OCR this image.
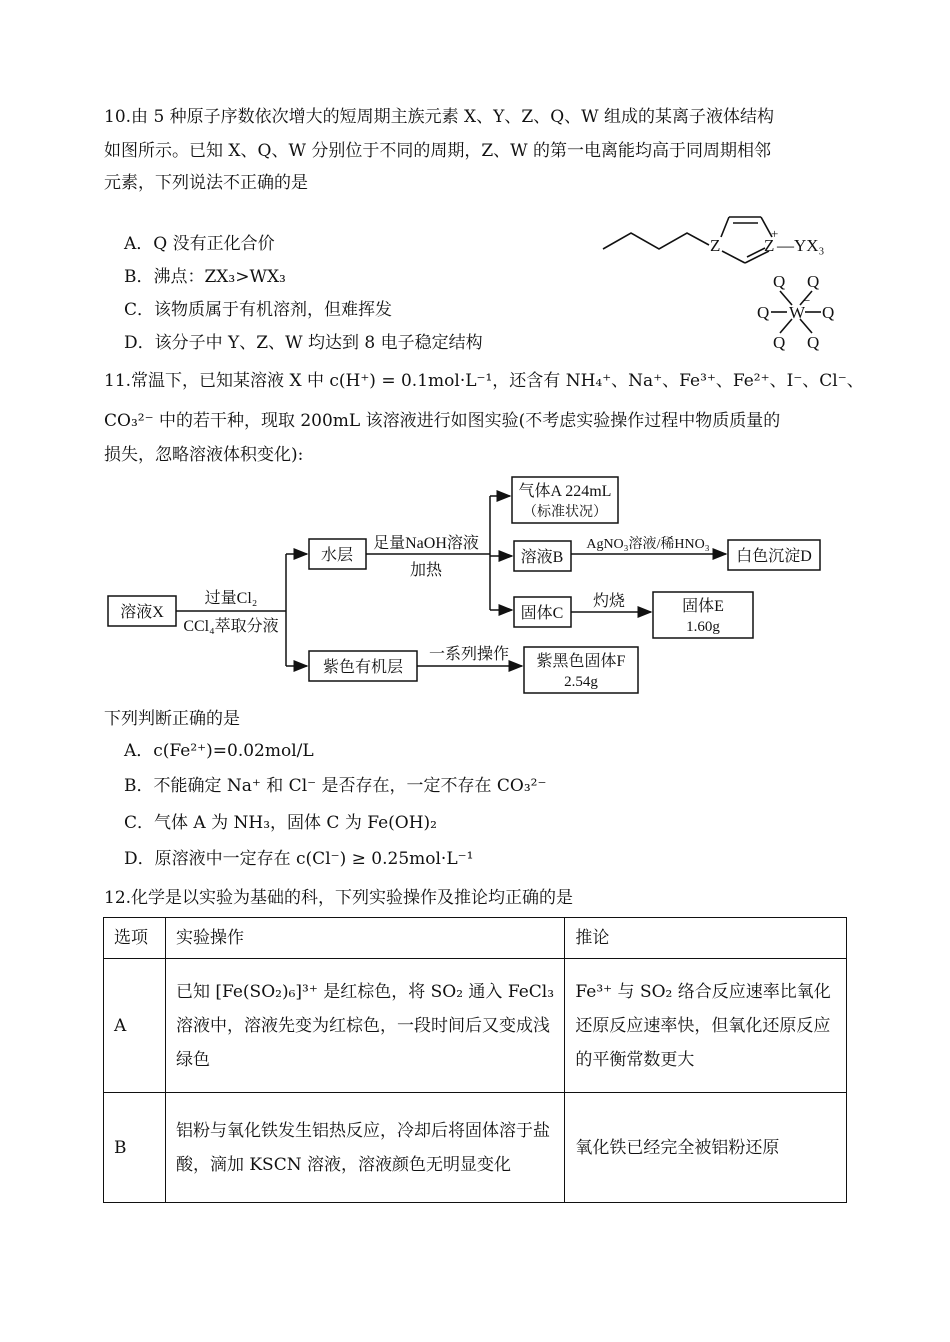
10.由 5 种原子序数依次增大的短周期主族元素 X、Y、Z、Q、W 组成的某离子液体结构
如图所示。已知 X、Q、W 分别位于不同的周期，Z、W 的第一电离能均高于同周期相邻
元素，下列说法不正确的是
A．Q 没有正化合价
B．沸点：ZX₃>WX₃
C．该物质属于有机溶剂，但难挥发
D．该分子中 Y、Z、W 均达到 8 电子稳定结构
Z	Z
+
—YX₃
Q Q
Q W
−
Q
Q Q
11.常温下，已知某溶液 X 中 c(H⁺) = 0.1mol·L⁻¹，还含有 NH₄⁺、Na⁺、Fe³⁺、Fe²⁺、I⁻、Cl⁻、
CO₃²⁻ 中的若干种，现取 200mL 该溶液进行如图实验(不考虑实验操作过程中物质质量的
损失，忽略溶液体积变化):
溶液X
过量Cl₂
CCl₄萃取分液
水层
足量NaOH溶液
加热
气体A 224mL
（标准状况）
溶液B
AgNO₃溶液/稀HNO₃
白色沉淀D
固体C
灼烧	固体E
1.60g
紫色有机层
一系列操作 紫黑色固体F
2.54g
下列判断正确的是
A．c(Fe²⁺)=0.02mol/L
B．不能确定 Na⁺ 和 Cl⁻ 是否存在，一定不存在 CO₃²⁻
C．气体 A 为 NH₃，固体 C 为 Fe(OH)₂
D．原溶液中一定存在 c(Cl⁻) ≥ 0.25mol·L⁻¹
12.化学是以实验为基础的科，下列实验操作及推论均正确的是
选项	实验操作	推论
A	已知 [Fe(SO₂)₆]³⁺ 是红棕色，将 SO₂ 通入 FeCl₃ 溶液中，溶液先变为红棕色，一段时间后又变成浅绿色	Fe³⁺ 与 SO₂ 络合反应速率比氧化还原反应速率快，但氧化还原反应的平衡常数更大
B	铝粉与氧化铁发生铝热反应，冷却后将固体溶于盐酸，滴加 KSCN 溶液，溶液颜色无明显变化	氧化铁已经完全被铝粉还原
